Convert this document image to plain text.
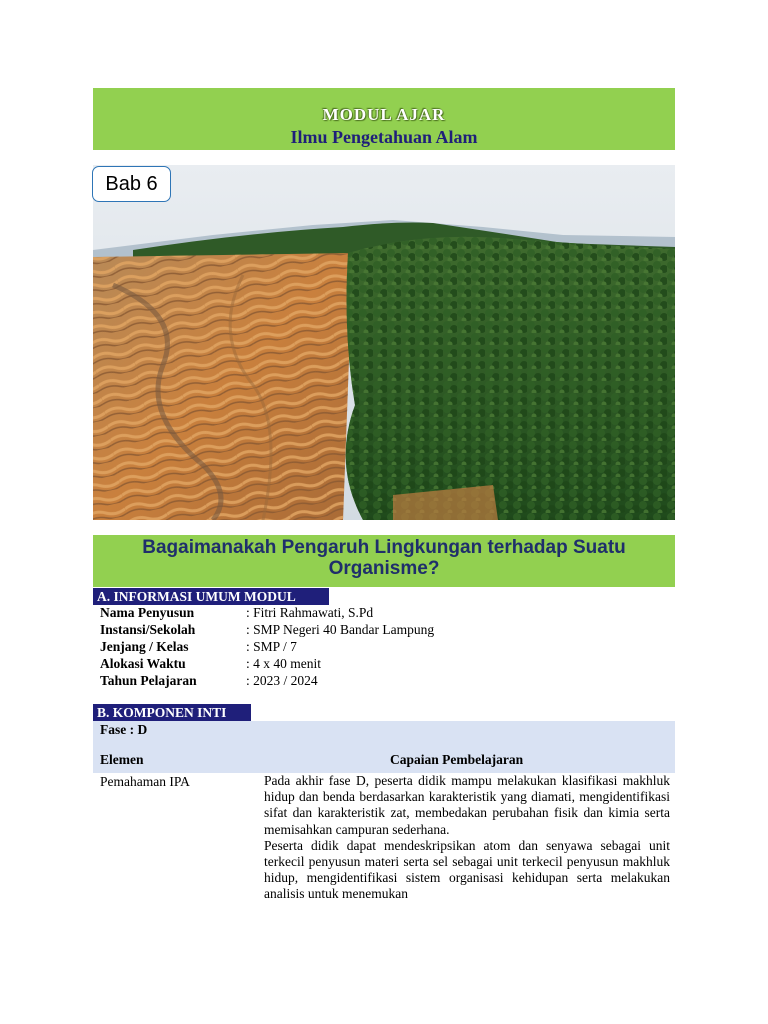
MODUL AJAR
Ilmu Pengetahuan Alam
Bab 6
Bagaimanakah Pengaruh Lingkungan terhadap Suatu Organisme?
A. INFORMASI UMUM MODUL
Nama Penyusun	: Fitri Rahmawati, S.Pd
Instansi/Sekolah	: SMP Negeri 40 Bandar Lampung
Jenjang / Kelas	: SMP / 7
Alokasi Waktu	: 4 x 40 menit
Tahun Pelajaran	: 2023 / 2024
B. KOMPONEN INTI
Fase : D
Elemen	Capaian Pembelajaran
Pemahaman IPA	Pada akhir fase D, peserta didik mampu melakukan klasifikasi makhluk hidup dan benda berdasarkan karakteristik yang diamati, mengidentifikasi sifat dan karakteristik zat, membedakan perubahan fisik dan kimia serta memisahkan campuran sederhana.

Peserta didik dapat mendeskripsikan atom dan senyawa sebagai unit terkecil penyusun materi serta sel sebagai unit terkecil penyusun makhluk hidup, mengidentifikasi sistem organisasi kehidupan serta melakukan analisis untuk menemukan
